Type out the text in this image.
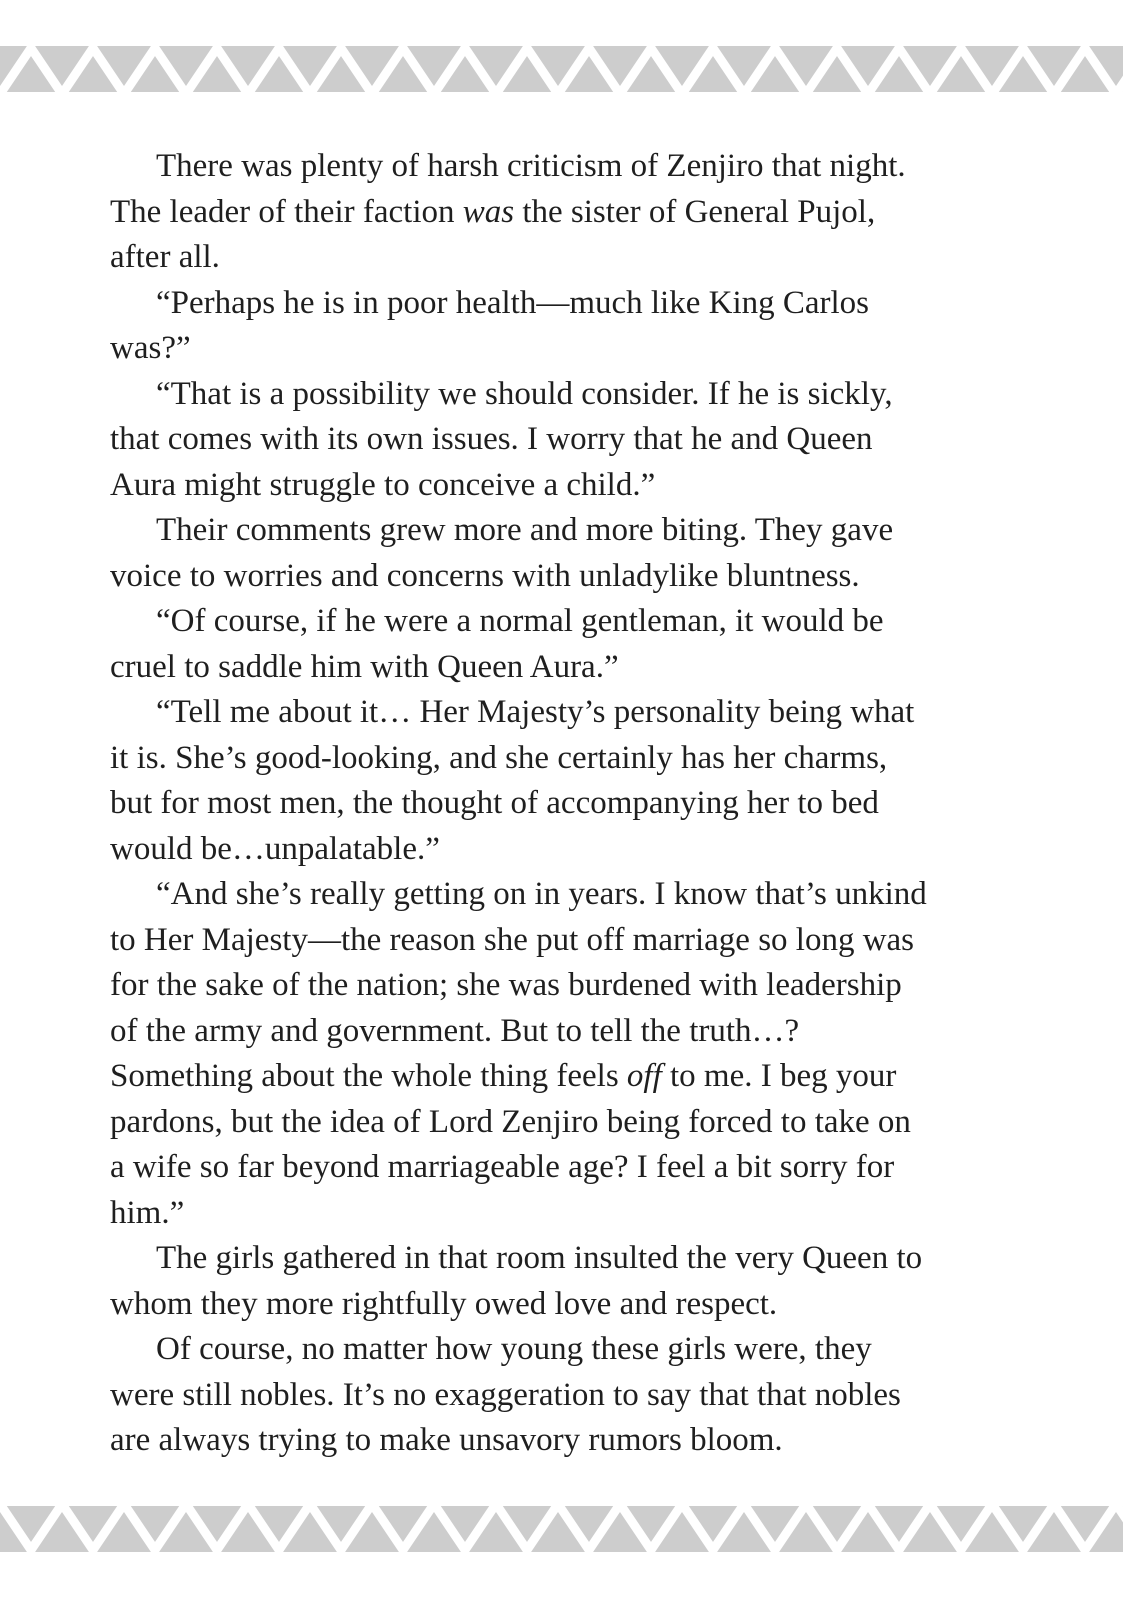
There was plenty of harsh criticism of Zenjiro that night.
The leader of their faction was the sister of General Pujol,
after all.
“Perhaps he is in poor health—much like King Carlos
was?”
“That is a possibility we should consider. If he is sickly,
that comes with its own issues. I worry that he and Queen
Aura might struggle to conceive a child.”
Their comments grew more and more biting. They gave
voice to worries and concerns with unladylike bluntness.
“Of course, if he were a normal gentleman, it would be
cruel to saddle him with Queen Aura.”
“Tell me about it… Her Majesty’s personality being what
it is. She’s good-looking, and she certainly has her charms,
but for most men, the thought of accompanying her to bed
would be…unpalatable.”
“And she’s really getting on in years. I know that’s unkind
to Her Majesty—the reason she put off marriage so long was
for the sake of the nation; she was burdened with leadership
of the army and government. But to tell the truth…?
Something about the whole thing feels off to me. I beg your
pardons, but the idea of Lord Zenjiro being forced to take on
a wife so far beyond marriageable age? I feel a bit sorry for
him.”
The girls gathered in that room insulted the very Queen to
whom they more rightfully owed love and respect.
Of course, no matter how young these girls were, they
were still nobles. It’s no exaggeration to say that that nobles
are always trying to make unsavory rumors bloom.
